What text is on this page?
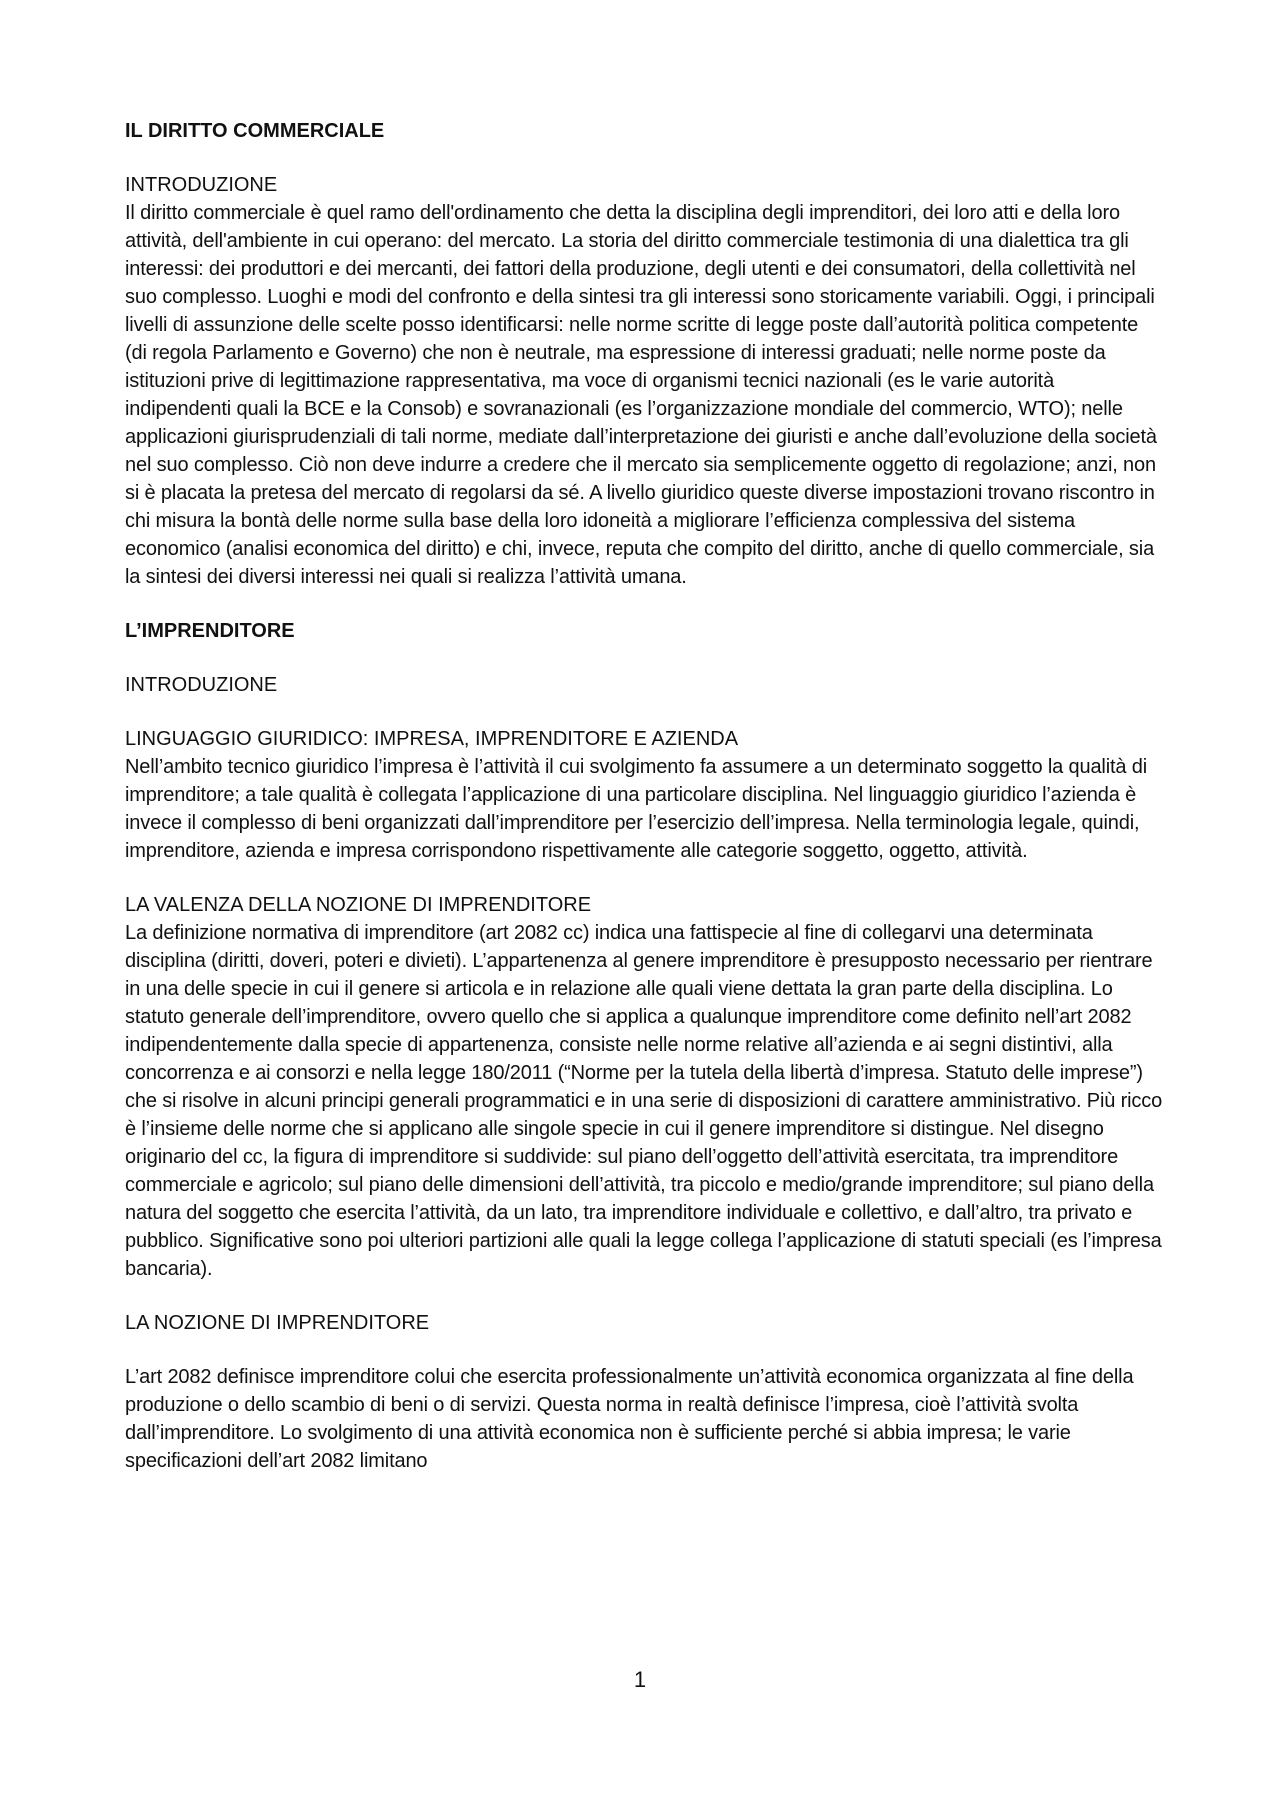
IL DIRITTO COMMERCIALE
INTRODUZIONE

Il diritto commerciale è quel ramo dell'ordinamento che detta la disciplina degli imprenditori, dei loro atti e della loro attività, dell'ambiente in cui operano: del mercato. La storia del diritto commerciale testimonia di una dialettica tra gli interessi: dei produttori e dei mercanti, dei fattori della produzione, degli utenti e dei consumatori, della collettività nel suo complesso. Luoghi e modi del confronto e della sintesi tra gli interessi sono storicamente variabili. Oggi, i principali livelli di assunzione delle scelte posso identificarsi: nelle norme scritte di legge poste dall’autorità politica competente (di regola Parlamento e Governo) che non è neutrale, ma espressione di interessi graduati; nelle norme poste da istituzioni prive di legittimazione rappresentativa, ma voce di organismi tecnici nazionali (es le varie autorità indipendenti quali la BCE e la Consob) e sovranazionali (es l’organizzazione mondiale del commercio, WTO); nelle applicazioni giurisprudenziali di tali norme, mediate dall’interpretazione dei giuristi e anche dall’evoluzione della società nel suo complesso. Ciò non deve indurre a credere che il mercato sia semplicemente oggetto di regolazione; anzi, non si è placata la pretesa del mercato di regolarsi da sé. A livello giuridico queste diverse impostazioni trovano riscontro in chi misura la bontà delle norme sulla base della loro idoneità a migliorare l’efficienza complessiva del sistema economico (analisi economica del diritto) e chi, invece, reputa che compito del diritto, anche di quello commerciale, sia la sintesi dei diversi interessi nei quali si realizza l’attività umana.

L’IMPRENDITORE
INTRODUZIONE
LINGUAGGIO GIURIDICO: IMPRESA, IMPRENDITORE E AZIENDA

Nell’ambito tecnico giuridico l’impresa è l’attività il cui svolgimento fa assumere a un determinato soggetto la qualità di imprenditore; a tale qualità è collegata l’applicazione di una particolare disciplina. Nel linguaggio giuridico l’azienda è invece il complesso di beni organizzati dall’imprenditore per l’esercizio dell’impresa. Nella terminologia legale, quindi, imprenditore, azienda e impresa corrispondono rispettivamente alle categorie soggetto, oggetto, attività.

LA VALENZA DELLA NOZIONE DI IMPRENDITORE

La definizione normativa di imprenditore (art 2082 cc) indica una fattispecie al fine di collegarvi una determinata disciplina (diritti, doveri, poteri e divieti). L’appartenenza al genere imprenditore è presupposto necessario per rientrare in una delle specie in cui il genere si articola e in relazione alle quali viene dettata la gran parte della disciplina. Lo statuto generale dell’imprenditore, ovvero quello che si applica a qualunque imprenditore come definito nell’art 2082 indipendentemente dalla specie di appartenenza, consiste nelle norme relative all’azienda e ai segni distintivi, alla concorrenza e ai consorzi e nella legge 180/2011 (“Norme per la tutela della libertà d’impresa. Statuto delle imprese”) che si risolve in alcuni principi generali programmatici e in una serie di disposizioni di carattere amministrativo. Più ricco è l’insieme delle norme che si applicano alle singole specie in cui il genere imprenditore si distingue. Nel disegno originario del cc, la figura di imprenditore si suddivide: sul piano dell’oggetto dell’attività esercitata, tra imprenditore commerciale e agricolo; sul piano delle dimensioni dell’attività, tra piccolo e medio/grande imprenditore; sul piano della natura del soggetto che esercita l’attività, da un lato, tra imprenditore individuale e collettivo, e dall’altro, tra privato e pubblico. Significative sono poi ulteriori partizioni alle quali la legge collega l’applicazione di statuti speciali (es l’impresa bancaria).

LA NOZIONE DI IMPRENDITORE

L’art 2082 definisce imprenditore colui che esercita professionalmente un’attività economica organizzata al fine della produzione o dello scambio di beni o di servizi. Questa norma in realtà definisce l’impresa, cioè l’attività svolta dall’imprenditore. Lo svolgimento di una attività economica non è sufficiente perché si abbia impresa; le varie specificazioni dell’art 2082 limitano

1
